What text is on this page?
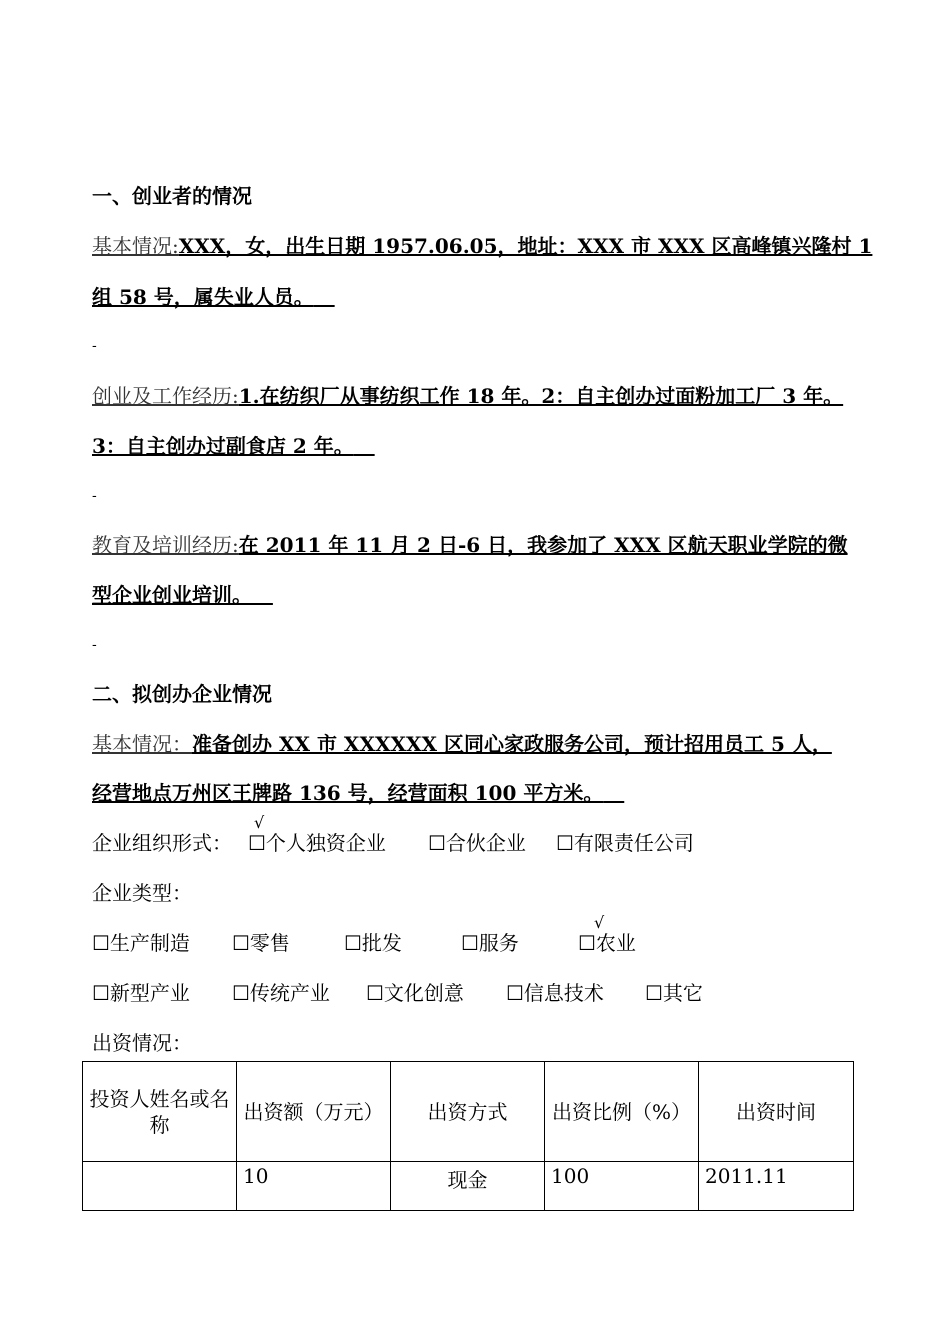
一、创业者的情况
基本情况:XXX，女，出生日期 1957.06.05，地址：XXX 市 XXX 区高峰镇兴隆村 1
组 58 号，属失业人员。
-
创业及工作经历:1.在纺织厂从事纺织工作 18 年。2：自主创办过面粉加工厂 3 年。
3：自主创办过副食店 2 年。
-
教育及培训经历:在 2011 年 11 月 2 日-6 日，我参加了 XXX 区航天职业学院的微
型企业创业培训。
-
二、拟创办企业情况
基本情况：准备创办 XX 市 XXXXXX 区同心家政服务公司，预计招用员工 5 人，
经营地点万州区王牌路 136 号，经营面积 100 平方米。
企业组织形式：
√
☐个人独资企业 ☐合伙企业 ☐有限责任公司
企业类型：
☐生产制造 ☐零售	☐批发	☐服务
√
☐农业
☐新型产业 ☐传统产业 ☐文化创意 ☐信息技术 ☐其它
出资情况：
投资人姓名或名称	出资额（万元）	出资方式	出资比例（%）	出资时间
	10	现金	100	2011.11
